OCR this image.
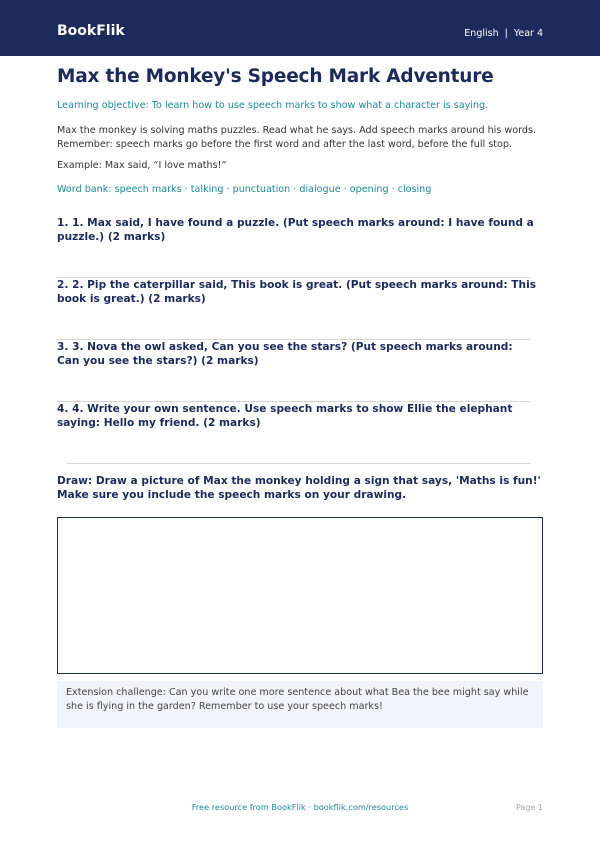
BookFlik	English | Year 4
Max the Monkey's Speech Mark Adventure
Learning objective: To learn how to use speech marks to show what a character is saying.
Max the monkey is solving maths puzzles. Read what he says. Add speech marks around his words.
Remember: speech marks go before the first word and after the last word, before the full stop.
Example: Max said, “I love maths!”
Word bank: speech marks · talking · punctuation · dialogue · opening · closing
1. 1. Max said, I have found a puzzle. (Put speech marks around: I have found a puzzle.) (2 marks)
2. 2. Pip the caterpillar said, This book is great. (Put speech marks around: This book is great.) (2 marks)
3. 3. Nova the owl asked, Can you see the stars? (Put speech marks around: Can you see the stars?) (2 marks)
4. 4. Write your own sentence. Use speech marks to show Ellie the elephant saying: Hello my friend. (2 marks)
Draw: Draw a picture of Max the monkey holding a sign that says, 'Maths is fun!' Make sure you include the speech marks on your drawing.
Extension challenge: Can you write one more sentence about what Bea the bee might say while she is flying in the garden? Remember to use your speech marks!
Free resource from BookFlik · bookflik.com/resources	Page 1
